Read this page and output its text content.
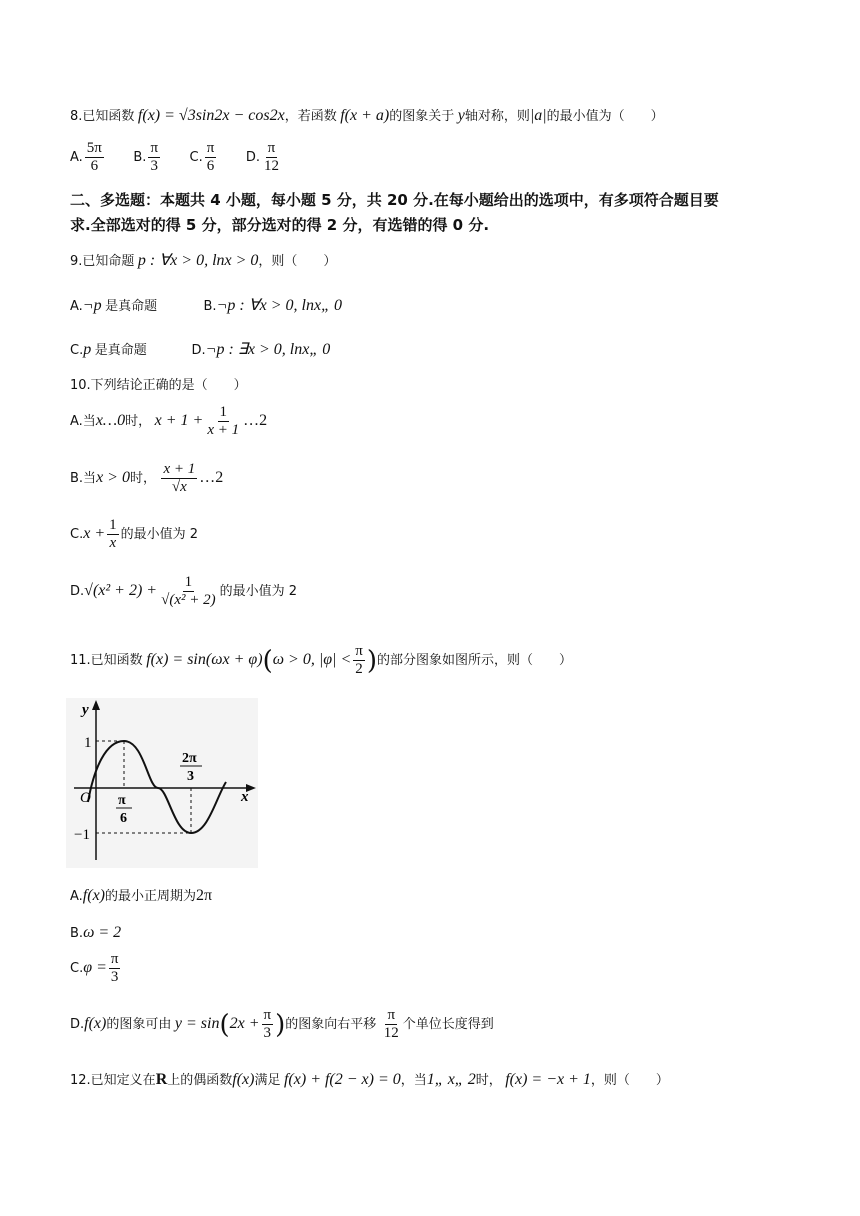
8.已知函数 f(x) = √3sin2x − cos2x，若函数 f(x + a)的图象关于 y轴对称，则|a|的最小值为（　　）
A. $\frac{5\pi}{6} B$. $\frac{\pi}{3} C$. $\frac{\pi}{6} D$. $\frac{\pi}{12}$
二、多选题：本题共 4 小题，每小题 5 分，共 20 分.在每小题给出的选项中，有多项符合题目要
求.全部选对的得 5 分，部分选对的得 2 分，有选错的得 0 分.
9.已知命题 p : ∀x > 0, lnx > 0，则（　　）
A.¬p 是真命题	B.¬p : ∀x > 0, lnx„ 0
C.p 是真命题	D.¬p : ∃x > 0, lnx„ 0
10.下列结论正确的是（　　）
A.当x…0时， $x + 1 + \frac{1}{x + 1}$ …2
B.当x > 0时， $\frac{x + 1}{√x}$ …2
$C.x + \frac{1}{x}$ 的最小值为 2
$D.√(x^2 + 2) + \frac{1}{\text{√(x² + 2)}}$ 的最小值为 2
11.已知函数 f(x) = sin(ωx + φ)(ω > 0, $|\varphi| < \frac{\pi}{2}$ )的部分图象如图所示，则（　　）
y
x
O
1
−1
π
6
2π
3
A.f(x)的最小正周期为2π
B.ω = 2
$C.\varphi = \frac{\pi}{3}$
D.f(x)的图象可由 $y = \sin(2x + \frac{\pi}{3}$ )的图象向右平移 $\frac{\pi}{12}$ 个单位长度得到
12.已知定义在R上的偶函数f(x)满足 f(x) + f(2 − x) = 0，当1„ x„ 2时， f(x) = −x + 1，则（　　）
